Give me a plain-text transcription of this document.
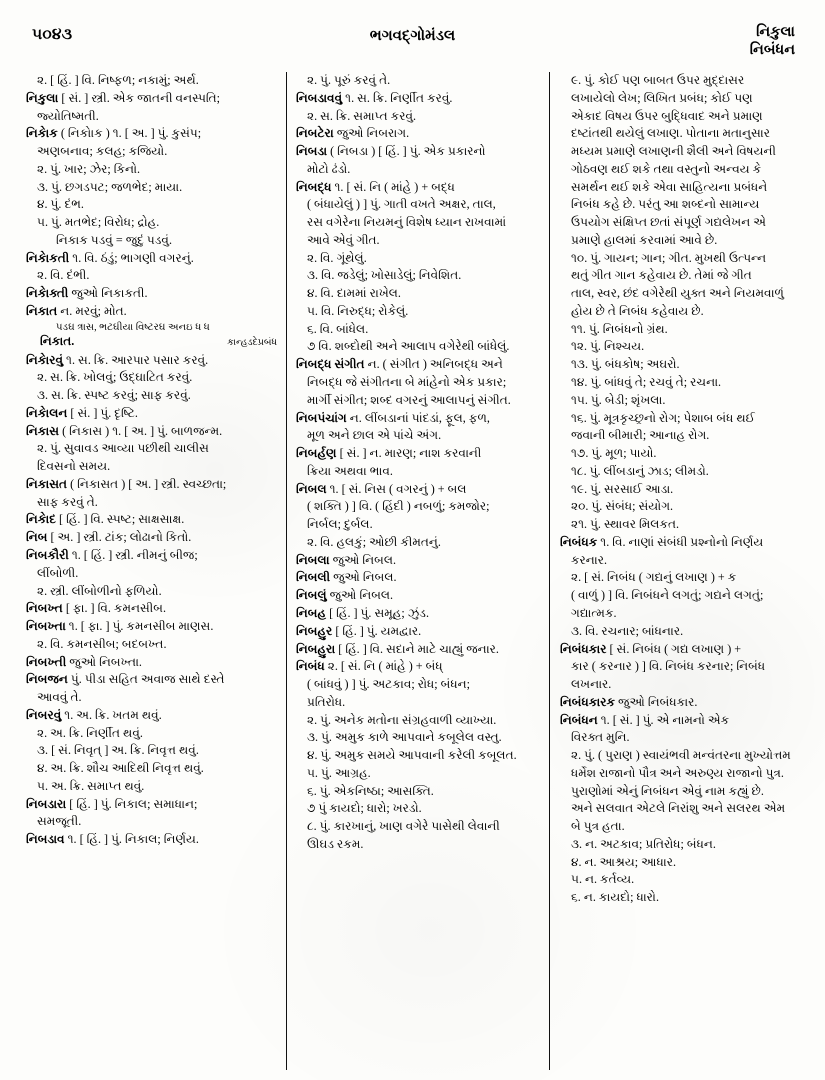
૫૦૪૩	ભગવદ્ગોમંડલ	નિકુલા
નિબંધન
૨. [ હિં. ] વિ. નિષ્ફળ; નકામું; અર્થ.
નિકુલા [ સં. ] સ્ત્રી. એક જાતની વનસ્પતિ;
જ્યોતિષ્મતી.
નિકેાક ( નિકોાક ) ૧. [ અ. ] પું. કુસંપ;
અણબનાવ; કલહ; કજિયો.
૨. પું. ખાર; ઝેર; કિનો.
૩. પું. છગડપટ; જળભેદ; માયા.
૪. પું. દંભ.
૫. પું. મતભેદ; વિરોધ; દ્રોહ.
નિકાક પડવું = જુદું પડવું.
નિકેાકતી ૧. વિ. ઠંડું; ભાગણી વગરનું.
૨. વિ. દંભી.
નિકેાક્તી જુઓ નિકાકતી.
નિકાત ન. મરવું; મોત.
પડઘ ત્રાસ, ભટઘીયા વિષ્ટરઘ અનઇ ધ ધ
નિકાત.	કાન્હડદેપ્રબંધ
નિકેારવું ૧. સ. ક્રિ. આરપાર પસાર કરવું.
૨. સ. ક્રિ. ખોલવું; ઉદ્ઘાટિત કરવું.
૩. સ. ક્રિ. સ્પષ્ટ કરવું; સાફ કરવું.
નિકેાલન [ સં. ] પું. દૃષ્ટિ.
નિકાસ ( નિકાસ ) ૧. [ અ. ] પું. બાળજન્મ.
૨. પું. સુવાવડ આવ્યા પછીથી ચાલીસ
દિવસનો સમય.
નિકાસત ( નિકાસત ) [ અ. ] સ્ત્રી. સ્વચ્છતા;
સાફ કરવું તે.
નિકેાદ [ હિં. ] વિ. સ્પષ્ટ; સાક્ષસાક્ષ.
નિબ [ અ. ] સ્ત્રી. ટાંક; લોઢાનો કિતો.
નિબકૌરી ૧. [ હિં. ] સ્ત્રી. નીમનું બીજ;
લીંબોળી.
૨. સ્ત્રી. લીંબોળીનો ફળિયો.
નિબખ્ત [ ફા. ] વિ. કમનસીબ.
નિબખ્તા ૧. [ ફા. ] પું. કમનસીબ માણસ.
૨. વિ. કમનસીબ; બદબખ્ત.
નિબખ્તી જુઓ નિબખ્તા.
નિબજન પું. પીડા સહિત અવાજ સાથે દસ્તે
આવવું તે.
નિબરવું ૧. અ. ક્રિ. ખતમ થવું.
૨. અ. ક્રિ. નિર્ણીત થવું.
૩. [ સં. નિવૃત્ ] અ. ક્રિ. નિવૃત્ત થવું.
૪. અ. ક્રિ. શૌચ આદિથી નિવૃત્ત થવું.
૫. અ. ક્રિ. સમાપ્ત થવું.
નિબડારા [ હિં. ] પું. નિકાલ; સમાધાન;
સમજૂતી.
નિબડાવ ૧. [ હિં. ] પું. નિકાલ; નિર્ણય.
૨. પું. પૂરું કરવું તે.
નિબડાવવું ૧. સ. ક્રિ. નિર્ણીત કરવું.
૨. સ. ક્રિ. સમાપ્ત કરવું.
નિબટેરા જુઓ નિબરાગ.
નિબડા ( નિબડા ) [ હિં. ] પું. એક પ્રકારનો
મોટો ઢંડો.
નિબદ્ધ ૧. [ સં. નિ ( માંહે ) + બદ્ધ
( બંધાયેલું ) ] પું. ગાતી વખતે અક્ષર, તાલ,
રસ વગેરેના નિયમનું વિશેષ ધ્યાન રાખવામાં
આવે એવું ગીત.
૨. વિ. ગૂંથેલું.
૩. વિ. જડેલું; ખોસાડેલું; નિવેશિત.
૪. વિ. દામમાં રાખેલ.
૫. વિ. નિરુદ્ધ; રોકેલું.
૬. વિ. બાંધેલ.
૭ વિ. શબ્દોથી અને આલાપ વગેરેથી બાંધેલું.
નિબદ્ધ સંગીત ન. ( સંગીત ) અનિબદ્ધ અને
નિબદ્ધ જે સંગીતના બે માંહેનો એક પ્રકાર;
માર્ગી સંગીત; શબ્દ વગરનું આલાપનું સંગીત.
નિબપંચાંગ ન. લીંબડાનાં પાંદડાં, ફૂલ, ફળ,
મૂળ અને છાલ એ પાંચે અંગ.
નિબર્હણ [ સં. ] ન. મારણ; નાશ કરવાની
ક્રિયા અથવા ભાવ.
નિબલ ૧. [ સં. નિસ ( વગરનું ) + બલ
( શક્તિ ) ] વિ. ( હિંદી ) નબળું; કમજોર;
નિર્બલ; દુર્બલ.
૨. વિ. હલકું; ઓછી કીમતનું.
નિબલા જુઓ નિબલ.
નિબલી જુઓ નિબલ.
નિબલું જુઓ નિબલ.
નિબહ [ હિં. ] પું. સમૂહ; ઝુંડ.
નિબહુર [ હિં. ] પું. યમદ્વાર.
નિબહુરા [ હિં. ] વિ. સદાને માટે ચાહ્યું જનાર.
નિબંધ ૨. [ સં. નિ ( માંહે ) + બંધ્
( બાંધવું ) ] પું. અટકાવ; રોધ; બંધન;
પ્રતિરોધ.
૨. પું. અનેક મતોના સંગ્રહવાળી વ્યાખ્યા.
૩. પું. અમુક કાળે આપવાને કબૂલેલ વસ્તુ.
૪. પું. અમુક સમયે આપવાની કરેલી કબૂલત.
૫. પું. આગ્રહ.
૬. પું. એકનિષ્ઠા; આસક્તિ.
૭ પું કાયદો; ધારો; ખરડો.
૮. પું. કારખાનું, ખાણ વગેરે પાસેથી લેવાની
ઊઘડ રકમ.
૯. પું. કોઈ પણ બાબત ઉપર મુદ્દાસર
લખાયેલો લેખ; લિખિત પ્રબંધ; કોઈ પણ
એકાદ વિષય ઉપર બુદ્ધિવાદ અને પ્રમાણ
દષ્ટાંતથી થયેલું લખાણ. પોતાના મતાનુસાર
મધ્યમ પ્રમાણે લખાણની શૈલી અને વિષયની
ગોઠવણ થઈ શકે તથા વસ્તુનો અન્વય કે
સમર્થન થઈ શકે એવા સાહિત્યના પ્રબંધને
નિબંધ કહે છે. પરંતુ આ શબ્દનો સામાન્ય
ઉપયોગ સંક્ષિપ્ત છતાં સંપૂર્ણ ગદ્યલેખન એ
પ્રમાણે હાલમાં કરવામાં આવે છે.
૧૦. પું. ગાયન; ગાન; ગીત. મુખથી ઉત્પન્ન
થતું ગીત ગાન કહેવાય છે. તેમાં જે ગીત
તાલ, સ્વર, છંદ વગેરેથી યુક્ત અને નિયમવાળું
હોય છે તે નિબંધ કહેવાય છે.
૧૧. પું. નિબંધનો ગ્રંથ.
૧૨. પું. નિશ્ચય.
૧૩. પું. બંધકોષ; અઘરો.
૧૪. પું. બાંધવું તે; રચવું તે; રચના.
૧૫. પું. બેડી; શૃંખલા.
૧૬. પું. મૂત્રકૃચ્છ્રનો રોગ; પેશાબ બંધ થઈ
જવાની બીમારી; આનાહ રોગ.
૧૭. પું. મૂળ; પાયો.
૧૮. પું. લીંબડાનું ઝાડ; લીમડો.
૧૯. પું. સરસાઈ આડા.
૨૦. પું. સંબંધ; સંયોગ.
૨૧. પું. સ્થાવર મિલકત.
નિબંધક ૧. વિ. નાણાં સંબંધી પ્રશ્નોનો નિર્ણય
કરનાર.
૨. [ સં. નિબંધ ( ગદ્યનું લખાણ ) + ક
( વાળું ) ] વિ. નિબંધને લગતું; ગદ્યને લગતું;
ગદ્યાત્મક.
૩. વિ. રચનાર; બાંધનાર.
નિબંધકાર [ સં. નિબંધ ( ગદ્ય લખાણ ) +
કાર ( કરનાર ) ] વિ. નિબંધ કરનાર; નિબંધ
લખનાર.
નિબંધકારક જુઓ નિબંધકાર.
નિબંધન ૧. [ સં. ] પું. એ નામનો એક
વિરક્ત મુનિ.
૨. પું. ( પુરાણ ) સ્વાયંભવી મન્વંતરના મુખ્યોત્તમ
ધર્મેશ રાજાનો પૌત્ર અને અરુણ્ય રાજાનો પુત્ર.
પુરાણોમાં એનું નિબંધન એવું નામ કહ્યું છે.
અને સલવાત એટલે નિરાંશુ અને સલરથ એમ
બે પુત્ર હતા.
૩. ન. અટકાવ; પ્રતિરોધ; બંધન.
૪. ન. આશ્રય; આધાર.
૫. ન. કર્તવ્ય.
૬. ન. કાયદો; ધારો.
